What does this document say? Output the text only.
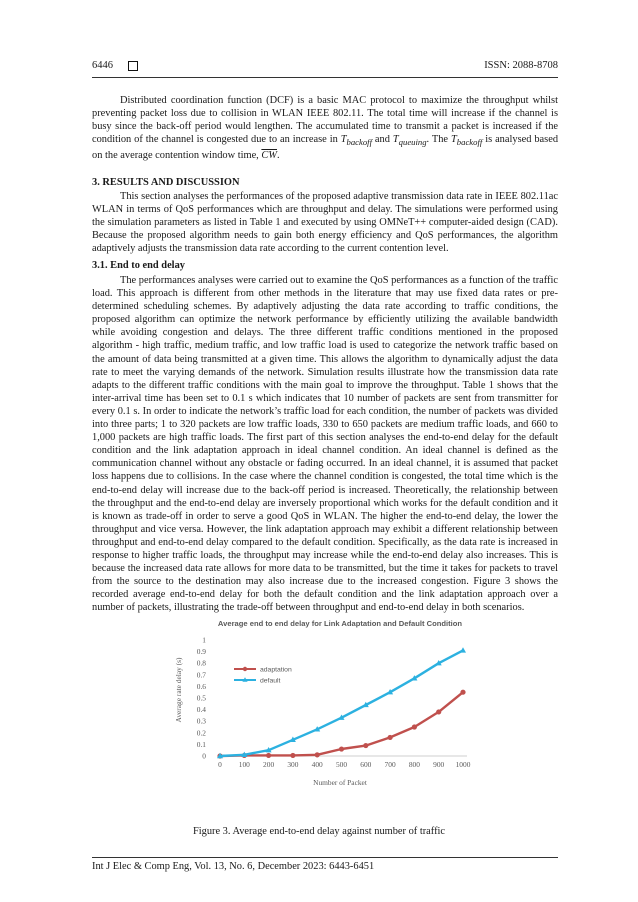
6446	ISSN: 2088-8708

Distributed coordination function (DCF) is a basic MAC protocol to maximize the throughput whilst preventing packet loss due to collision in WLAN IEEE 802.11. The total time will increase if the channel is busy since the back-off period would lengthen. The accumulated time to transmit a packet is increased if the condition of the channel is congested due to an increase in $T_{backoff}$ and $T_{queuing}$. The $T_{backoff}$ is analysed based on the average contention window time, $\overline{CW}$.

3. RESULTS AND DISCUSSION

This section analyses the performances of the proposed adaptive transmission data rate in IEEE 802.11ac WLAN in terms of QoS performances which are throughput and delay. The simulations were performed using the simulation parameters as listed in Table 1 and executed by using OMNeT++ computer-aided design (CAD). Because the proposed algorithm needs to gain both energy efficiency and QoS performances, the algorithm adaptively adjusts the transmission data rate according to the current contention level.

3.1. End to end delay

The performances analyses were carried out to examine the QoS performances as a function of the traffic load. This approach is different from other methods in the literature that may use fixed data rates or pre-determined scheduling schemes. By adaptively adjusting the data rate according to traffic conditions, the proposed algorithm can optimize the network performance by efficiently utilizing the available bandwidth while avoiding congestion and delays. The three different traffic conditions mentioned in the proposed algorithm - high traffic, medium traffic, and low traffic load is used to categorize the network traffic based on the amount of data being transmitted at a given time. This allows the algorithm to dynamically adjust the data rate to meet the varying demands of the network. Simulation results illustrate how the transmission data rate adapts to the different traffic conditions with the main goal to improve the throughput. Table 1 shows that the inter-arrival time has been set to 0.1 s which indicates that 10 number of packets are sent from transmitter for every 0.1 s. In order to indicate the network’s traffic load for each condition, the number of packets was divided into three parts; 1 to 320 packets are low traffic loads, 330 to 650 packets are medium traffic loads, and 660 to 1,000 packets are high traffic loads. The first part of this section analyses the end-to-end delay for the default condition and the link adaptation approach in ideal channel condition. An ideal channel is defined as the communication channel without any obstacle or fading occurred. In an ideal channel, it is assumed that packet loss happens due to collisions. In the case where the channel condition is congested, the total time which is the end-to-end delay will increase due to the back-off period is increased. Theoretically, the relationship between the throughput and the end-to-end delay are inversely proportional which works for the default condition and it is known as trade-off in order to serve a good QoS in WLAN. The higher the end-to-end delay, the lower the throughput and vice versa. However, the link adaptation approach may exhibit a different relationship between throughput and end-to-end delay compared to the default condition. Specifically, as the data rate is increased in response to higher traffic loads, the throughput may increase while the end-to-end delay also increases. This is because the increased data rate allows for more data to be transmitted, but the time it takes for packets to travel from the source to the destination may also increase due to the increased congestion. Figure 3 shows the recorded average end-to-end delay for both the default condition and the link adaptation approach over a number of packets, illustrating the trade-off between throughput and end-to-end delay in both scenarios.

Average end to end delay for Link Adaptation and Default Condition
0
0.1
0.2
0.3
0.4
0.5
0.6
0.7
0.8
0.9
1
0 100 200 300 400 500 600 700 800 900 1000
adaptation
default
Number of Packet
Average rate delay (s)
Figure 3. Average end-to-end delay against number of traffic
Int J Elec & Comp Eng, Vol. 13, No. 6, December 2023: 6443-6451
